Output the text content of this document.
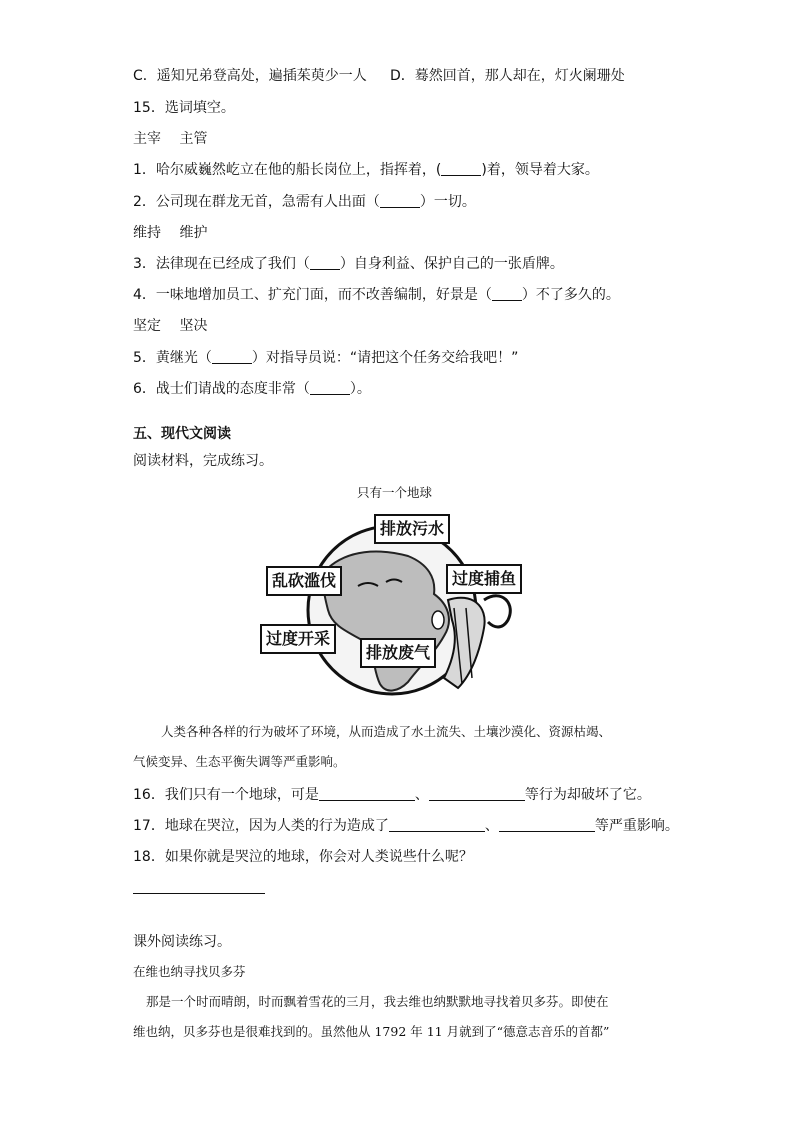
C．遥知兄弟登高处，遍插茱萸少一人 D．蓦然回首，那人却在，灯火阑珊处
15．选词填空。
主宰　 主管
1．哈尔威巍然屹立在他的船长岗位上，指挥着，(	)着，领导着大家。
2．公司现在群龙无首，急需有人出面（	）一切。
维持　 维护
3．法律现在已经成了我们（ ）自身利益、保护自己的一张盾牌。
4．一味地增加员工、扩充门面，而不改善编制，好景是（ ）不了多久的。
坚定　 坚决
5．黄继光（	）对指导员说：“请把这个任务交给我吧！”
6．战士们请战的态度非常（	）。
五、现代文阅读
阅读材料，完成练习。
只有一个地球
排放污水
乱砍滥伐	过度捕鱼
过度开采
排放废气
人类各种各样的行为破坏了环境，从而造成了水土流失、土壤沙漠化、资源枯竭、
气候变异、生态平衡失调等严重影响。
16．我们只有一个地球，可是	、	等行为却破坏了它。
17．地球在哭泣，因为人类的行为造成了	、	等严重影响。
18．如果你就是哭泣的地球，你会对人类说些什么呢？
课外阅读练习。
在维也纳寻找贝多芬
那是一个时而晴朗，时而飘着雪花的三月，我去维也纳默默地寻找着贝多芬。即使在
维也纳，贝多芬也是很难找到的。虽然他从 1792 年 11 月就到了“德意志音乐的首都”
